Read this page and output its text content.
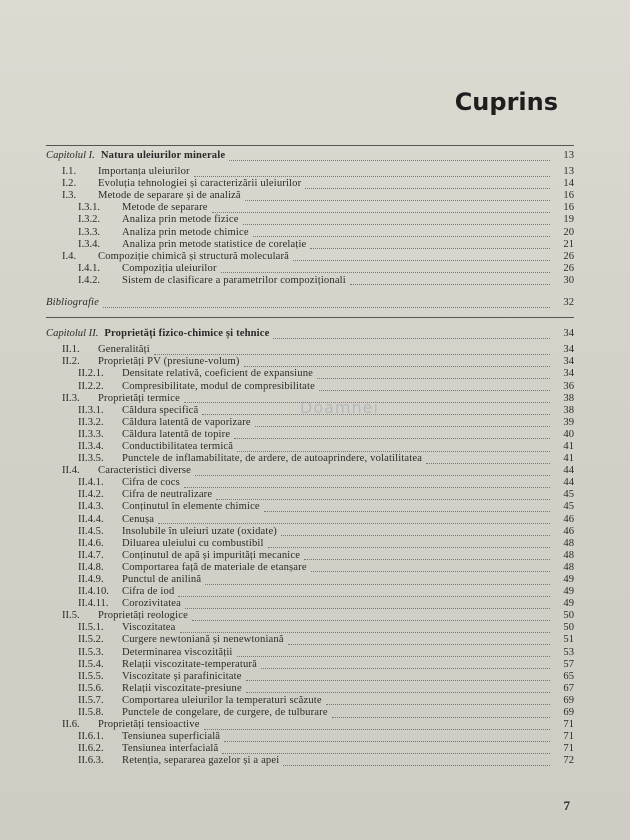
Cuprins
Capitolul I. Natura uleiurilor minerale	13
I.1.	Importanța uleiurilor	13
I.2.	Evoluția tehnologiei și caracterizării uleiurilor	14
I.3.	Metode de separare și de analiză	16
I.3.1.	Metode de separare	16
I.3.2.	Analiza prin metode fizice	19
I.3.3.	Analiza prin metode chimice	20
I.3.4.	Analiza prin metode statistice de corelație	21
I.4.	Compoziție chimică și structură moleculară	26
I.4.1.	Compoziția uleiurilor	26
I.4.2.	Sistem de clasificare a parametrilor compoziționali	30
Bibliografie	32
Capitolul II. Proprietăți fizico-chimice și tehnice	34
II.1.	Generalități	34
II.2.	Proprietăți PV (presiune-volum)	34
II.2.1.	Densitate relativă, coeficient de expansiune	34
II.2.2.	Compresibilitate, modul de compresibilitate	36
II.3.	Proprietăți termice	38
II.3.1.	Căldura specifică	38
II.3.2.	Căldura latentă de vaporizare	39
II.3.3.	Căldura latentă de topire	40
II.3.4.	Conductibilitatea termică	41
II.3.5.	Punctele de inflamabilitate, de ardere, de autoaprindere, volatilitatea	41
II.4.	Caracteristici diverse	44
II.4.1.	Cifra de cocs	44
II.4.2.	Cifra de neutralizare	45
II.4.3.	Conținutul în elemente chimice	45
II.4.4.	Cenușa	46
II.4.5.	Insolubile în uleiuri uzate (oxidate)	46
II.4.6.	Diluarea uleiului cu combustibil	48
II.4.7.	Conținutul de apă și impurități mecanice	48
II.4.8.	Comportarea față de materiale de etanșare	48
II.4.9.	Punctul de anilină	49
II.4.10.	Cifra de iod	49
II.4.11.	Corozivitatea	49
II.5.	Proprietăți reologice	50
II.5.1.	Viscozitatea	50
II.5.2.	Curgere newtoniană și nenewtoniană	51
II.5.3.	Determinarea viscozității	53
II.5.4.	Relații viscozitate-temperatură	57
II.5.5.	Viscozitate și parafinicitate	65
II.5.6.	Relații viscozitate-presiune	67
II.5.7.	Comportarea uleiurilor la temperaturi scăzute	69
II.5.8.	Punctele de congelare, de curgere, de tulburare	69
II.6.	Proprietăți tensioactive	71
II.6.1.	Tensiunea superficială	71
II.6.2.	Tensiunea interfacială	71
II.6.3.	Retenția, separarea gazelor și a apei	72
Doamnei
7
